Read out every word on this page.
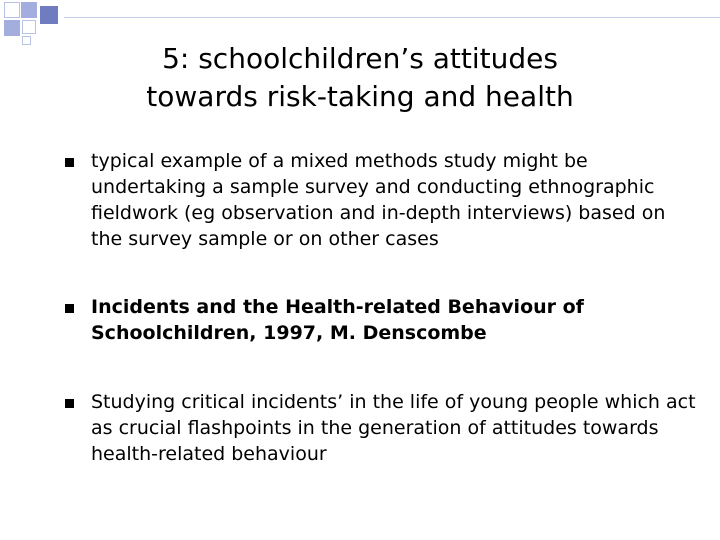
5: schoolchildren’s attitudes
towards risk-taking and health
typical example of a mixed methods study might be undertaking a sample survey and conducting ethnographic fieldwork (eg observation and in-depth interviews) based on the survey sample or on other cases
Incidents and the Health-related Behaviour of Schoolchildren, 1997, M. Denscombe
Studying critical incidents’ in the life of young people which act as crucial flashpoints in the generation of attitudes towards health-related behaviour
